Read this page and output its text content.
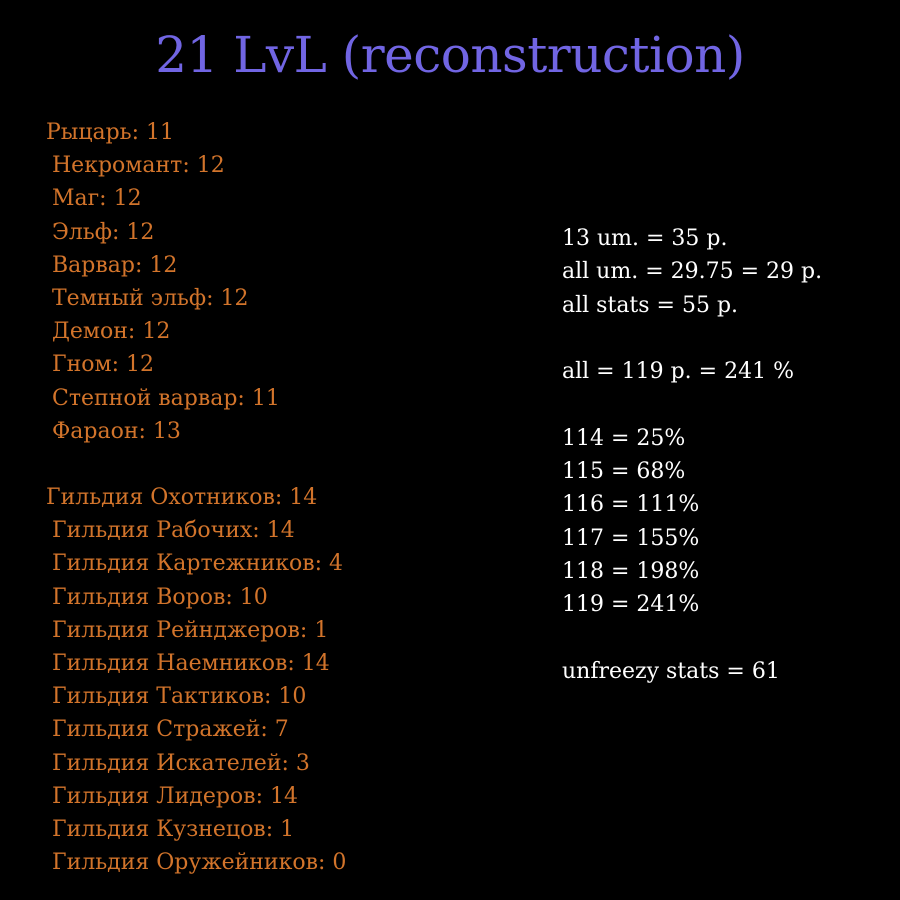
21 LvL (reconstruction)
Рыцарь: 11
Некромант: 12
Маг: 12
Эльф: 12
Варвар: 12
Темный эльф: 12
Демон: 12
Гном: 12
Степной варвар: 11
Фараон: 13
Гильдия Охотников: 14
Гильдия Рабочих: 14
Гильдия Картежников: 4
Гильдия Воров: 10
Гильдия Рейнджеров: 1
Гильдия Наемников: 14
Гильдия Тактиков: 10
Гильдия Стражей: 7
Гильдия Искателей: 3
Гильдия Лидеров: 14
Гильдия Кузнецов: 1
Гильдия Оружейников: 0
13 um. = 35 p.
all um. = 29.75 = 29 p.
all stats = 55 p.
all = 119 p. = 241 %
114 = 25%
115 = 68%
116 = 111%
117 = 155%
118 = 198%
119 = 241%
unfreezy stats = 61
